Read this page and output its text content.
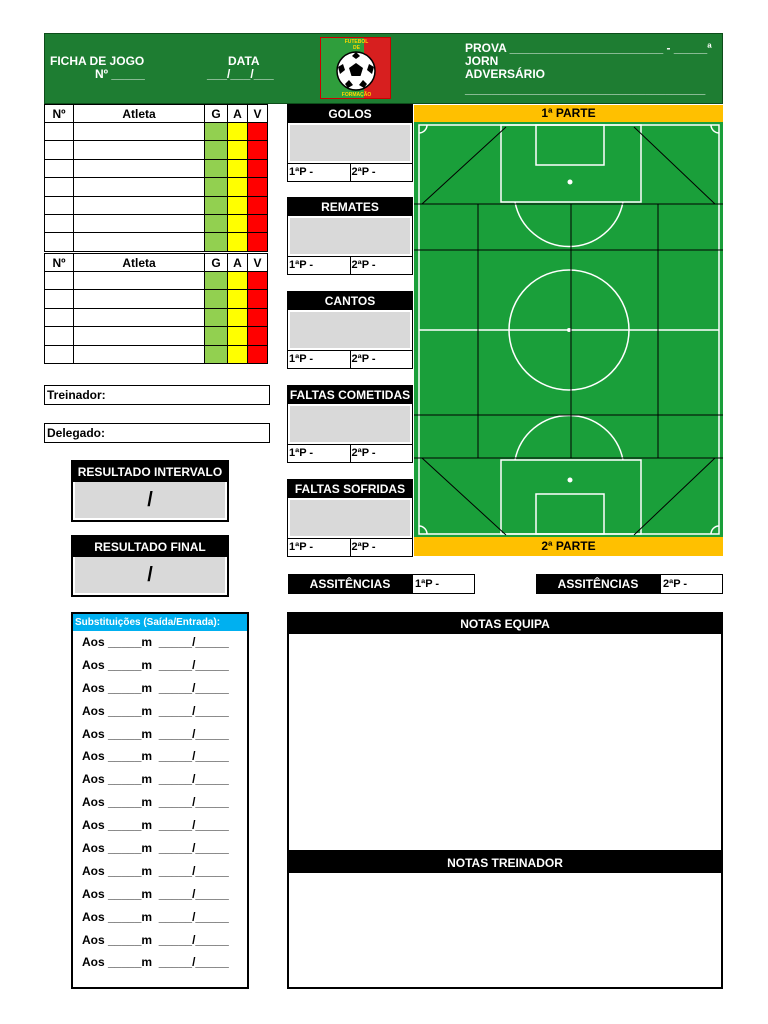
FICHA DE JOGO
Nº _____
DATA
___/___/___
FUTEBOL
DE
FORMAÇÃO
PROVA _______________________ - _____ª
JORN
ADVERSÁRIO
____________________________________
Nº	Atleta	G	A	V

Nº	Atleta	G	A	V

Treinador:
Delegado:
RESULTADO INTERVALO
/
RESULTADO FINAL
/
GOLOS
1ªP -	2ªP -
REMATES
1ªP -	2ªP -
CANTOS
1ªP -	2ªP -
FALTAS COMETIDAS
1ªP -	2ªP -
FALTAS SOFRIDAS
1ªP -	2ªP -
1ª PARTE
2ª PARTE
ASSITÊNCIAS	1ªP -	ASSITÊNCIAS	2ªP -
Substituições (Saída/Entrada):
Aos _____m  _____/_____
Aos _____m  _____/_____
Aos _____m  _____/_____
Aos _____m  _____/_____
Aos _____m  _____/_____
Aos _____m  _____/_____
Aos _____m  _____/_____
Aos _____m  _____/_____
Aos _____m  _____/_____
Aos _____m  _____/_____
Aos _____m  _____/_____
Aos _____m  _____/_____
Aos _____m  _____/_____
Aos _____m  _____/_____
Aos _____m  _____/_____
NOTAS EQUIPA
NOTAS TREINADOR
